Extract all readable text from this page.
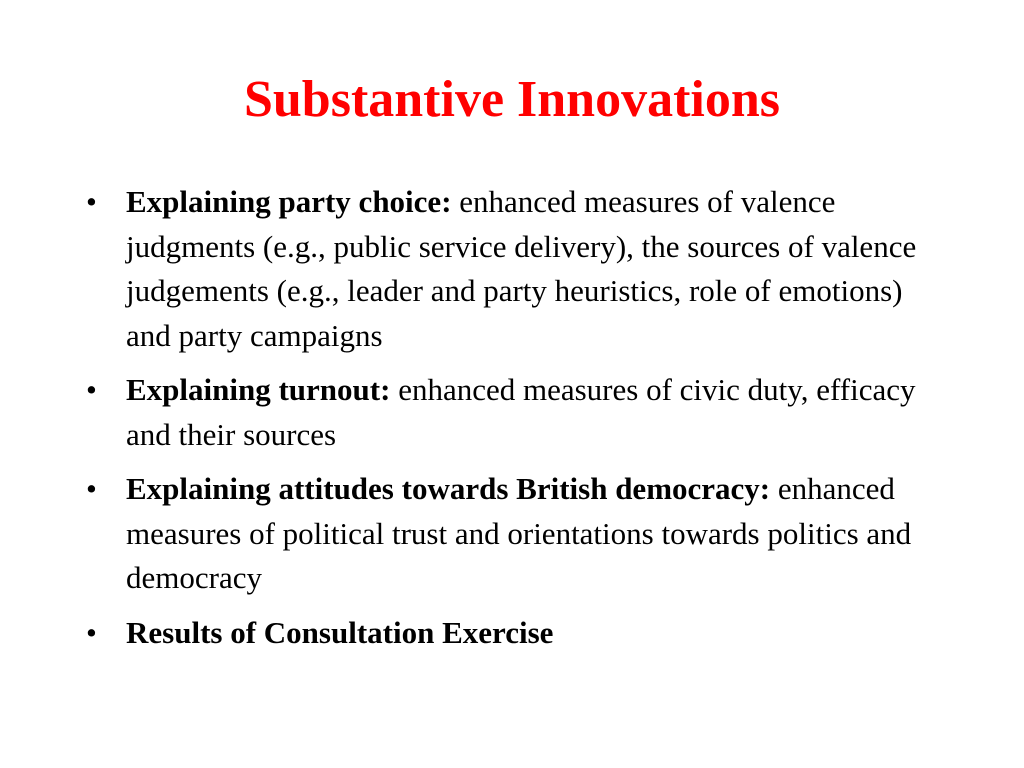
Substantive Innovations
• Explaining party choice: enhanced measures of valence judgments (e.g., public service delivery), the sources of valence judgements (e.g., leader and party heuristics, role of emotions) and party campaigns
• Explaining turnout: enhanced measures of civic duty, efficacy and their sources
• Explaining attitudes towards British democracy: enhanced measures of political trust and orientations towards politics and democracy
• Results of Consultation Exercise
